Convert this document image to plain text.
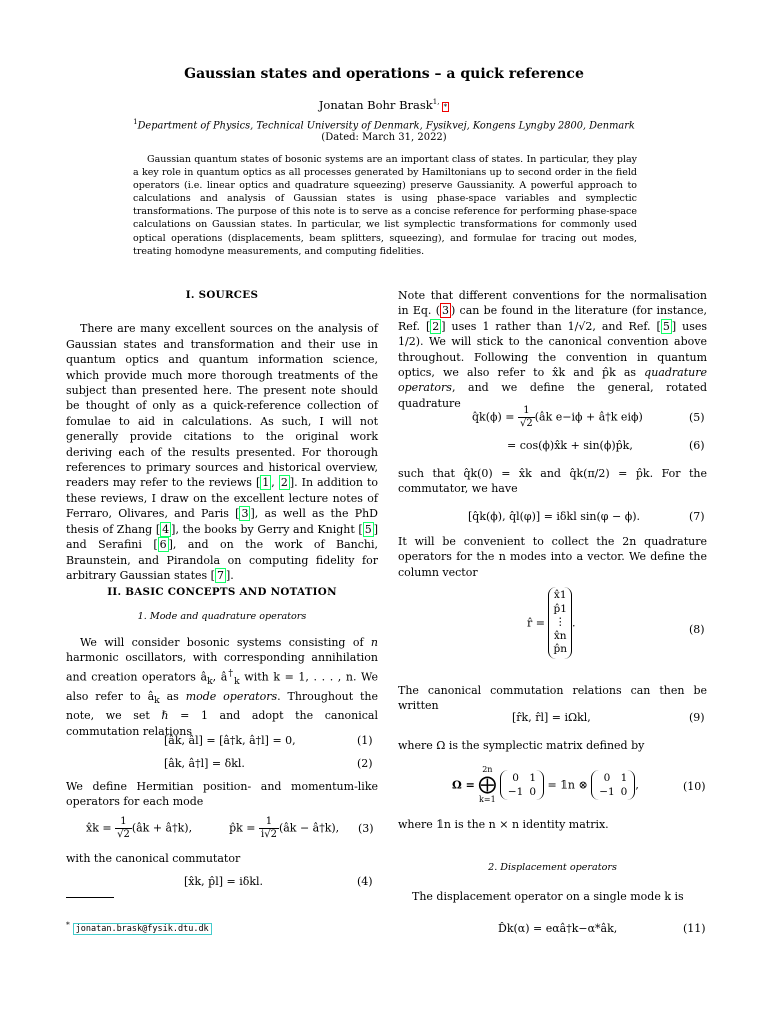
Gaussian states and operations – a quick reference
Jonatan Bohr Brask$^{1,}$ *
$^1$Department of Physics, Technical University of Denmark, Fysikvej, Kongens Lyngby 2800, Denmark
(Dated: March 31, 2022)

Gaussian quantum states of bosonic systems are an important class of states. In particular, they play a key role in quantum optics as all processes generated by Hamiltonians up to second order in the field operators (i.e. linear optics and quadrature squeezing) preserve Gaussianity. A powerful approach to calculations and analysis of Gaussian states is using phase-space variables and symplectic transformations. The purpose of this note is to serve as a concise reference for performing phase-space calculations on Gaussian states. In particular, we list symplectic transformations for commonly used optical operations (displacements, beam splitters, squeezing), and formulae for tracing out modes, treating homodyne measurements, and computing fidelities.

I. SOURCES

There are many excellent sources on the analysis of Gaussian states and transformation and their use in quantum optics and quantum information science, which provide much more thorough treatments of the subject than presented here. The present note should be thought of only as a quick-reference collection of fomulae to aid in calculations. As such, I will not generally provide citations to the original work deriving each of the results presented. For thorough references to primary sources and historical overview, readers may refer to the reviews [ 1 , 2 ]. In addition to these reviews, I draw on the excellent lecture notes of Ferraro, Olivares, and Paris [ 3 ], as well as the PhD thesis of Zhang [ 4 ], the books by Gerry and Knight [ 5 ] and Serafini [ 6 ], and on the work of Banchi, Braunstein, and Pirandola on computing fidelity for arbitrary Gaussian states [ 7 ].

II. BASIC CONCEPTS AND NOTATION
1. Mode and quadrature operators

We will consider bosonic systems consisting of n harmonic oscillators, with corresponding annihilation and creation operators $â_k$, $â^\dagger_k$ with k = 1, . . . , n. We also refer to $â_k$ as mode operators. Throughout the note, we set ℏ = 1 and adopt the canonical commutation relations

[âk, âl] = [â†k, â†l] = 0,	(1)
[âk, â†l] = δkl.	(2)

We define Hermitian position- and momentum-like operators for each mode

x̂k = $\frac{1}{√2}$ (âk + â†k),	p̂k = $\frac{1}{i√2}$ (âk − â†k), (3)

with the canonical commutator

[x̂k, p̂l] = iδkl.	(4)
* jonatan.brask@fysik.dtu.dk

Note that different conventions for the normalisation in Eq. ( 3 ) can be found in the literature (for instance, Ref. [ 2 ] uses 1 rather than 1/√2, and Ref. [ 5 ] uses 1/2). We will stick to the canonical convention above throughout. Following the convention in quantum optics, we also refer to x̂k and p̂k as quadrature operators, and we define the general, rotated quadrature

q̂k(ϕ) = $\frac{1}{√2}$ (âk e−iϕ + â†k eiϕ)	(5)
= cos(ϕ)x̂k + sin(ϕ)p̂k,	(6)

such that q̂k(0) = x̂k and q̂k(π/2) = p̂k. For the commutator, we have

[q̂k(ϕ), q̂l(φ)] = iδkl sin(φ − ϕ).	(7)

It will be convenient to collect the 2n quadrature operators for the n modes into a vector. We define the column vector

r̂ =
x̂1
p̂1
⋮
x̂n
p̂n
.
(8)

The canonical commutation relations can then be written

[r̂k, r̂l] = iΩkl,	(9)

where Ω is the symplectic matrix defined by

Ω =
2n
⨁
k=1

0	1
−1	0
= 𝟙n ⊗
0	1
−1	0
,	(10)

where 𝟙n is the n × n identity matrix.

2. Displacement operators

The displacement operator on a single mode k is

D̂k(α) = eαâ†k−α*âk,	(11)
